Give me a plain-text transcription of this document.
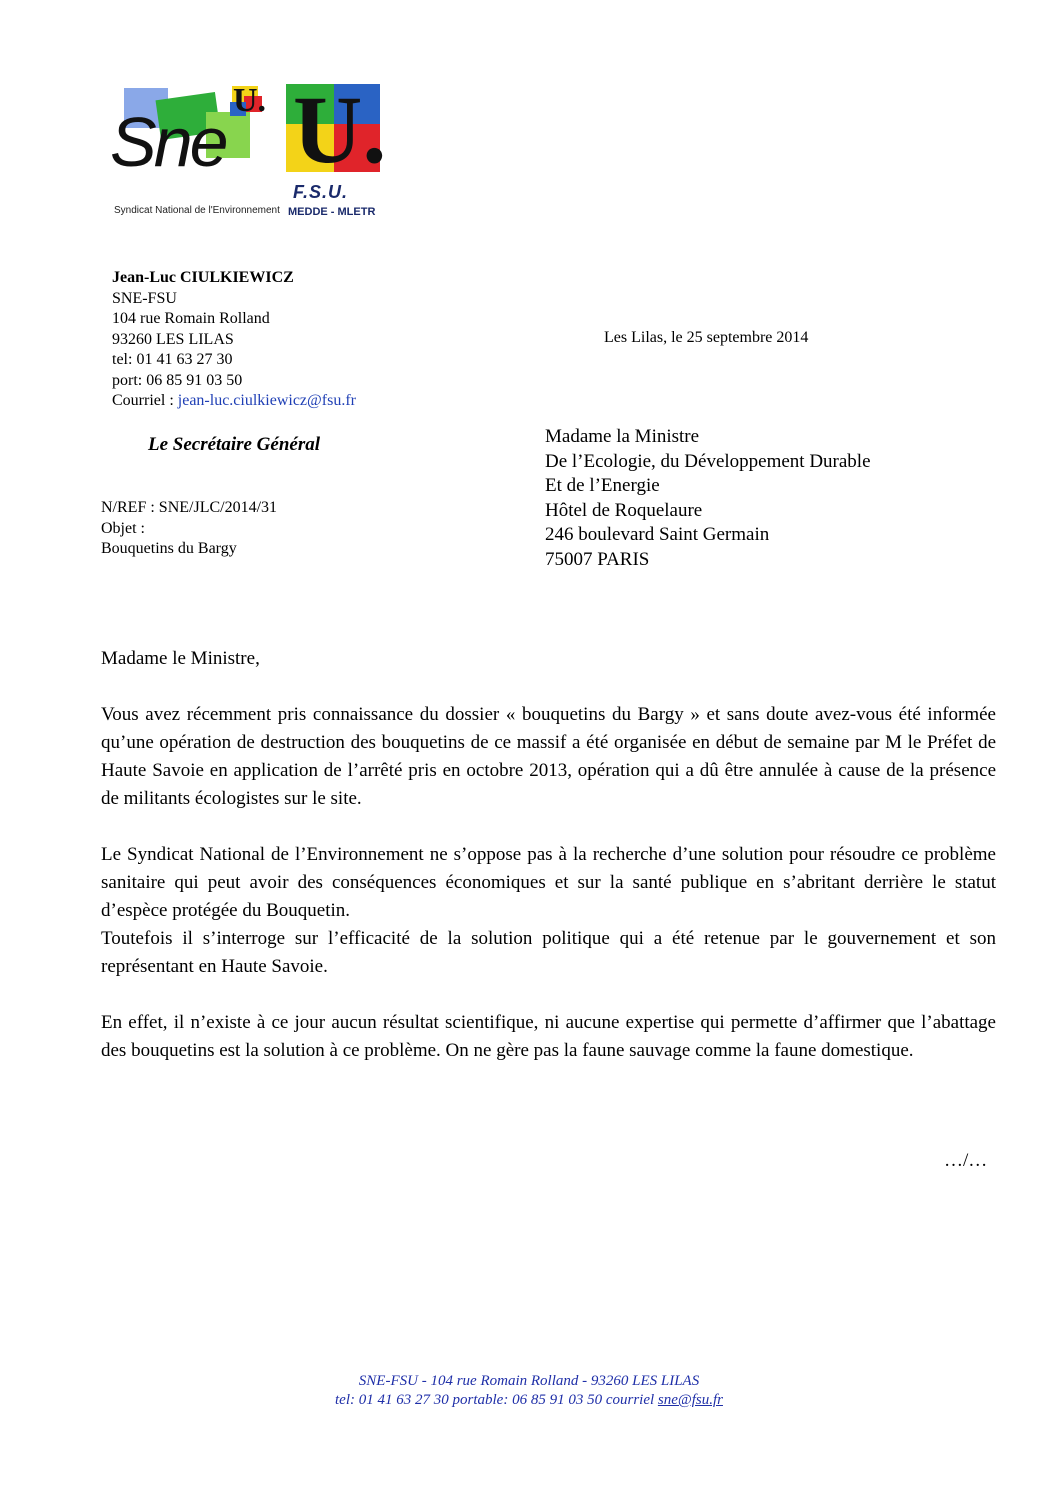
Sne
U. U.
Syndicat National de l'Environnement
F.S.U.
MEDDE - MLETR
Jean-Luc CIULKIEWICZ
SNE-FSU
104 rue Romain Rolland
93260 LES LILAS
tel: 01 41 63 27 30
port: 06 85 91 03 50
Courriel : jean-luc.ciulkiewicz@fsu.fr
Les Lilas, le 25 septembre 2014
Le Secrétaire Général	Madame la Ministre
De l’Ecologie, du Développement Durable
Et de l’Energie
Hôtel de Roquelaure
246 boulevard Saint Germain
75007 PARIS
N/REF : SNE/JLC/2014/31
Objet :
Bouquetins du Bargy

Madame le Ministre,

Vous avez récemment pris connaissance du dossier « bouquetins du Bargy » et sans doute avez-vous été informée qu’une opération de destruction des bouquetins de ce massif a été organisée en début de semaine par M le Préfet de Haute Savoie en application de l’arrêté pris en octobre 2013, opération qui a dû être annulée à cause de la présence de militants écologistes sur le site.

Le Syndicat National de l’Environnement ne s’oppose pas à la recherche d’une solution pour résoudre ce problème sanitaire qui peut avoir des conséquences économiques et sur la santé publique en s’abritant derrière le statut d’espèce protégée du Bouquetin.

Toutefois il s’interroge sur l’efficacité de la solution politique qui a été retenue par le gouvernement et son représentant en Haute Savoie.

En effet, il n’existe à ce jour aucun résultat scientifique, ni aucune expertise qui permette d’affirmer que l’abattage des bouquetins est la solution à ce problème. On ne gère pas la faune sauvage comme la faune domestique.

…/…
SNE-FSU - 104 rue Romain Rolland - 93260 LES LILAS
tel: 01 41 63 27 30 portable: 06 85 91 03 50 courriel sne@fsu.fr
